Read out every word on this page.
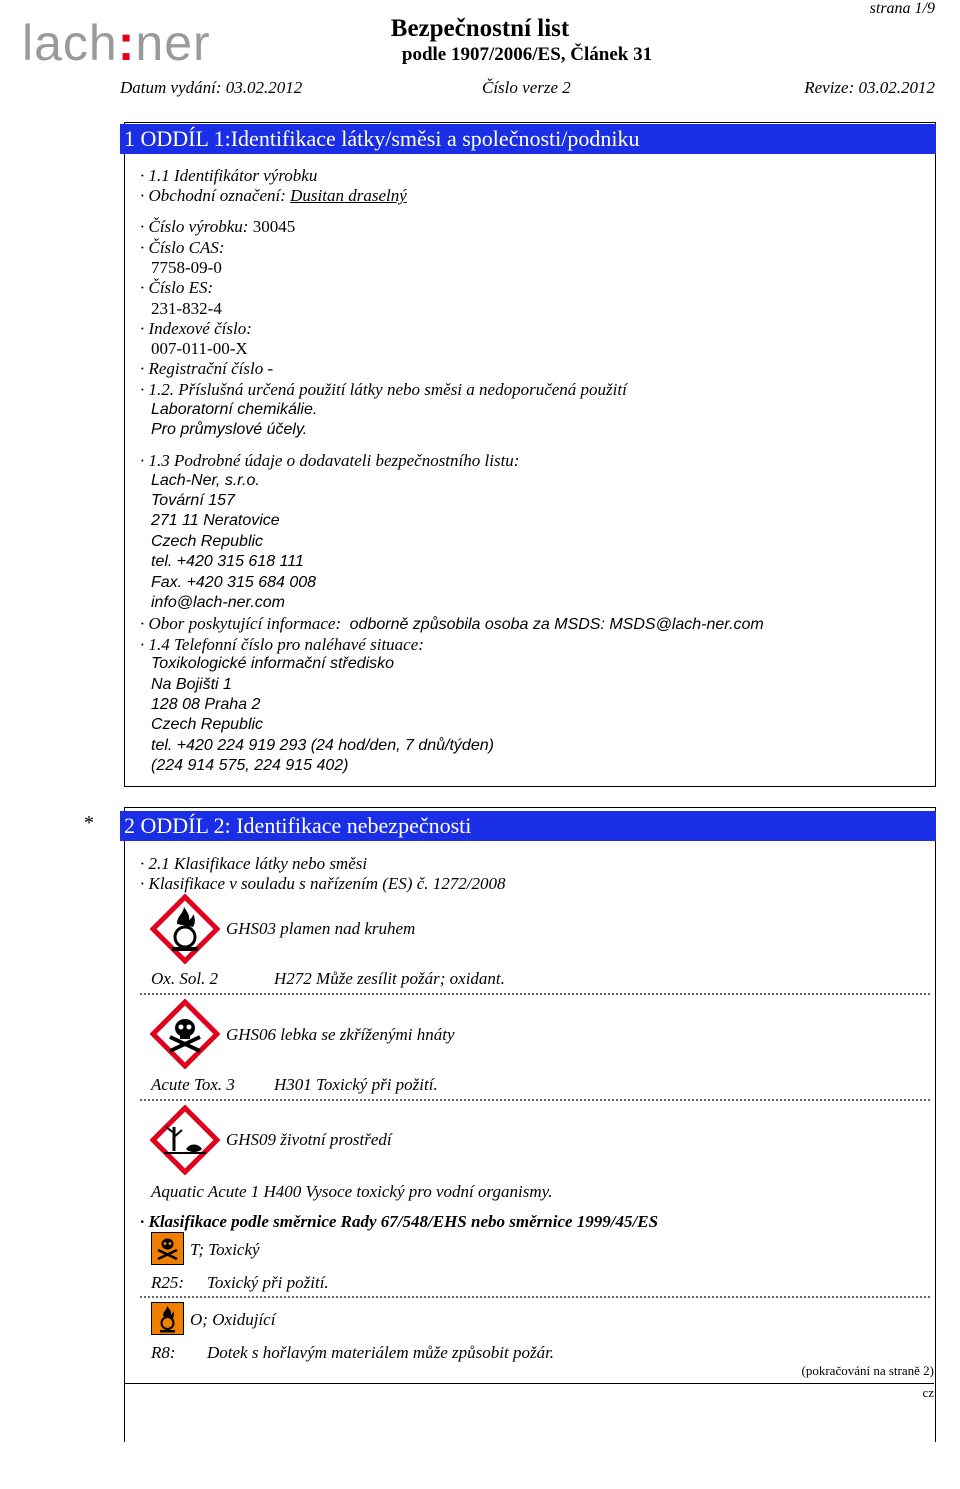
lach:ner	Bezpečnostní list
podle 1907/2006/ES, Článek 31
strana 1/9
Datum vydání: 03.02.2012	Číslo verze 2	Revize: 03.02.2012
1 ODDÍL 1:Identifikace látky/směsi a společnosti/podniku
· 1.1 Identifikátor výrobku
· Obchodní označení: Dusitan draselný
· Číslo výrobku: 30045
· Číslo CAS:
7758-09-0
· Číslo ES:
231-832-4
· Indexové číslo:
007-011-00-X
· Registrační číslo -
· 1.2. Příslušná určená použití látky nebo směsi a nedoporučená použití
Laboratorní chemikálie.
Pro průmyslové účely.
· 1.3 Podrobné údaje o dodavateli bezpečnostního listu:
Lach-Ner, s.r.o.
Tovární 157
271 11 Neratovice
Czech Republic
tel. +420 315 618 111
Fax. +420 315 684 008
info@lach-ner.com
· Obor poskytující informace: odborně způsobila osoba za MSDS: MSDS@lach-ner.com
· 1.4 Telefonní číslo pro naléhavé situace:
Toxikologické informační středisko
Na Bojišti 1
128 08 Praha 2
Czech Republic
tel. +420 224 919 293 (24 hod/den, 7 dnů/týden)
(224 914 575, 224 915 402)
* 2 ODDÍL 2: Identifikace nebezpečnosti
· 2.1 Klasifikace látky nebo směsi
· Klasifikace v souladu s nařízením (ES) č. 1272/2008
GHS03 plamen nad kruhem
Ox. Sol. 2	H272 Může zesílit požár; oxidant.
GHS06 lebka se zkříženými hnáty
Acute Tox. 3 H301 Toxický při požití.
GHS09 životní prostředí
Aquatic Acute 1 H400 Vysoce toxický pro vodní organismy.
· Klasifikace podle směrnice Rady 67/548/EHS nebo směrnice 1999/45/ES
T; Toxický
R25: Toxický při požití.
O; Oxidující
R8: Dotek s hořlavým materiálem může způsobit požár.
(pokračování na straně 2)
cz
